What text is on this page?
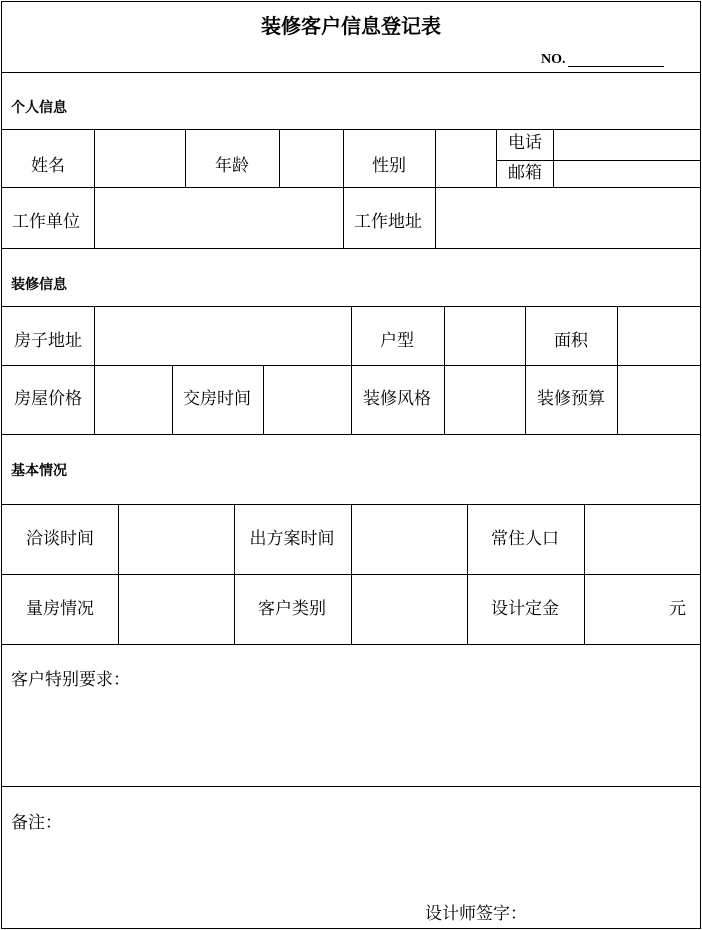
装修客户信息登记表
NO.
个人信息
姓名	年龄	性别
电话
邮箱
工作单位	工作地址
装修信息
房子地址	户型	面积
房屋价格	交房时间	装修风格	装修预算
基本情况
洽谈时间	出方案时间	常住人口
量房情况	客户类别	设计定金	元
客户特别要求：
备注：
设计师签字：
